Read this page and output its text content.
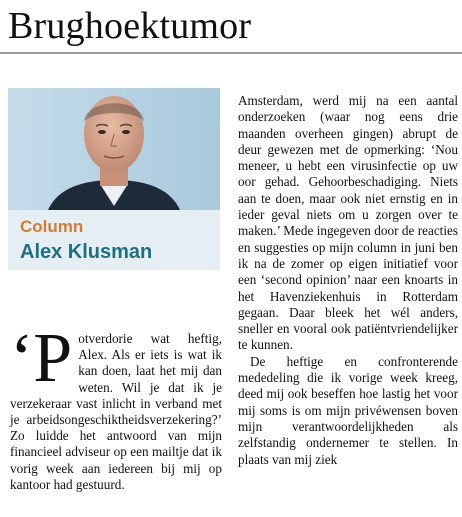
Brughoektumor
Column
Alex Klusman

Amsterdam, werd mij na een aantal onderzoeken (waar nog eens drie maanden overheen gingen) abrupt de deur gewezen met de opmerking: ‘Nou meneer, u hebt een virusinfectie op uw oor gehad. Gehoorbeschadiging. Niets aan te doen, maar ook niet ernstig en in ieder geval niets om u zorgen over te maken.’ Mede ingegeven door de reacties en suggesties op mijn column in juni ben ik na de zomer op eigen initiatief voor een ‘second opinion’ naar een knoarts in het Havenziekenhuis in Rotterdam gegaan. Daar bleek het wél anders, sneller en vooral ook patiëntvriendelijker te kunnen.

De heftige en confronterende mededeling die ik vorige week kreeg, deed mij ook beseffen hoe lastig het voor mij soms is om mijn privéwensen boven mijn verantwoordelijkheden als zelfstandig ondernemer te stellen. In plaats van mij ziek

‘P otverdorie wat heftig, Alex. Als er iets is wat ik kan doen, laat het mij dan weten. Wil je dat ik je verzekeraar vast inlicht in verband met je arbeidsongeschiktheidsverzekering?’ Zo luidde het antwoord van mijn financieel adviseur op een mailtje dat ik vorig week aan iedereen bij mij op kantoor had gestuurd.
